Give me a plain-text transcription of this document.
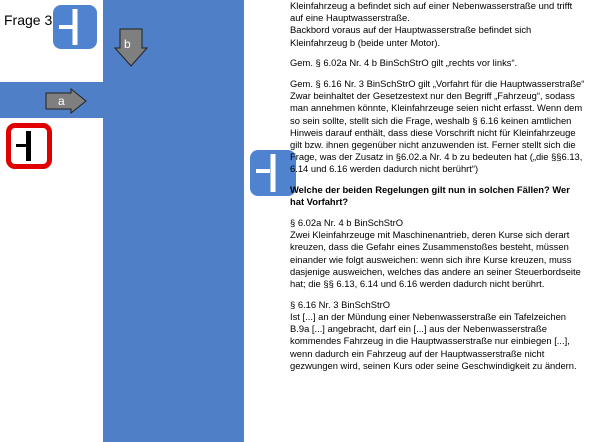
Frage 3
b
a

Kleinfahrzeug a befindet sich auf einer Nebenwasserstraße und trifft auf eine Hauptwasserstraße.
Backbord voraus auf der Hauptwasserstraße befindet sich Kleinfahrzeug b (beide unter Motor).

Gem. § 6.02a Nr. 4 b BinSchStrO gilt „rechts vor links“.

Gem. § 6.16 Nr. 3 BinSchStrO gilt „Vorfahrt für die Hauptwasserstraße“
Zwar beinhaltet der Gesetzestext nur den Begriff „Fahrzeug“, sodass man annehmen könnte, Kleinfahrzeuge seien nicht erfasst. Wenn dem so sein sollte, stellt sich die Frage, weshalb § 6.16 keinen amtlichen Hinweis darauf enthält, dass diese Vorschrift nicht für Kleinfahrzeuge gilt bzw. ihnen gegenüber nicht anzuwenden ist. Ferner stellt sich die Frage, was der Zusatz in §6.02.a Nr. 4 b zu bedeuten hat („die §§6.13, 6.14 und 6.16 werden dadurch nicht berührt“)

Welche der beiden Regelungen gilt nun in solchen Fällen? Wer hat Vorfahrt?

§ 6.02a Nr. 4 b BinSchStrO
Zwei Kleinfahrzeuge mit Maschinenantrieb, deren Kurse sich derart kreuzen, dass die Gefahr eines Zusammenstoßes besteht, müssen einander wie folgt ausweichen: wenn sich ihre Kurse kreuzen, muss dasjenige ausweichen, welches das andere an seiner Steuerbordseite hat; die §§ 6.13, 6.14 und 6.16 werden dadurch nicht berührt.

§ 6.16 Nr. 3 BinSchStrO
Ist [...] an der Mündung einer Nebenwasserstraße ein Tafelzeichen B.9a [...] angebracht, darf ein [...] aus der Nebenwasserstraße kommendes Fahrzeug in die Hauptwasserstraße nur einbiegen [...], wenn dadurch ein Fahrzeug auf der Hauptwasserstraße nicht gezwungen wird, seinen Kurs oder seine Geschwindigkeit zu ändern.
